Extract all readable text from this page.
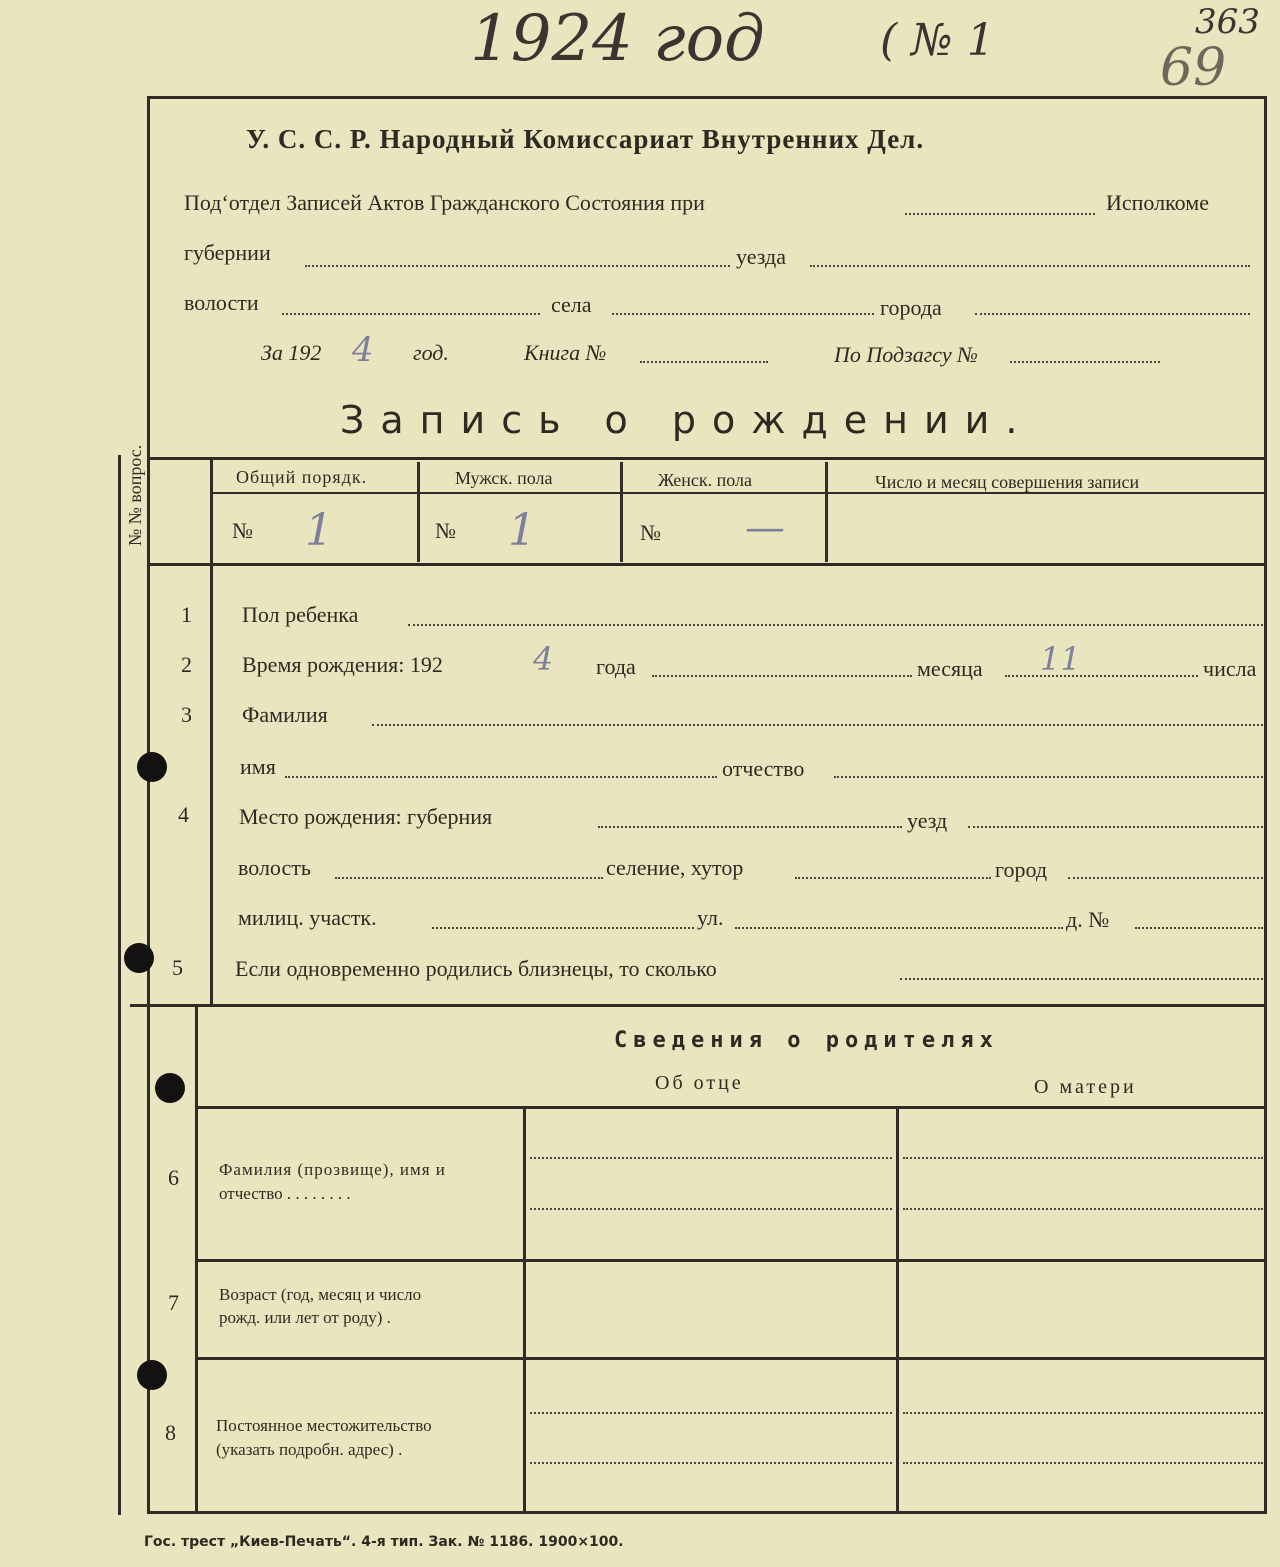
1924 год	( № 1	363
69
У. С. С. Р. Народный Комиссариат Внутренних Дел.
Под‘отдел Записей Актов Гражданского Состояния при	Исполкоме
губернии	уезда
волости	села	города
За 192 4 год.	Книга №	По Подзагсу №
Запись о рождении.
№ № вопрос.	Общий порядк.	Мужск. пола	Женск. пола	Число и месяц совершения записи
№ 1	№ 1	№ —
1 Пол ребенка
2 Время рождения: 192	4 года	месяца 11	числа
3 Фамилия
имя	отчество
4 Место рождения: губерния	уезд
волость	селение, хутор	город
милиц. участк.	ул.	д. №
5 Если одновременно родились близнецы, то сколько
Сведения о родителях
Об отце	О матери
6 Фамилия (прозвище), имя и
отчество . . . . . . . .
7 Возраст (год, месяц и число
рожд. или лет от роду) .
8 Постоянное местожительство
(указать подробн. адрес) .
Гос. трест „Киев-Печать“. 4-я тип. Зак. № 1186. 1900×100.
